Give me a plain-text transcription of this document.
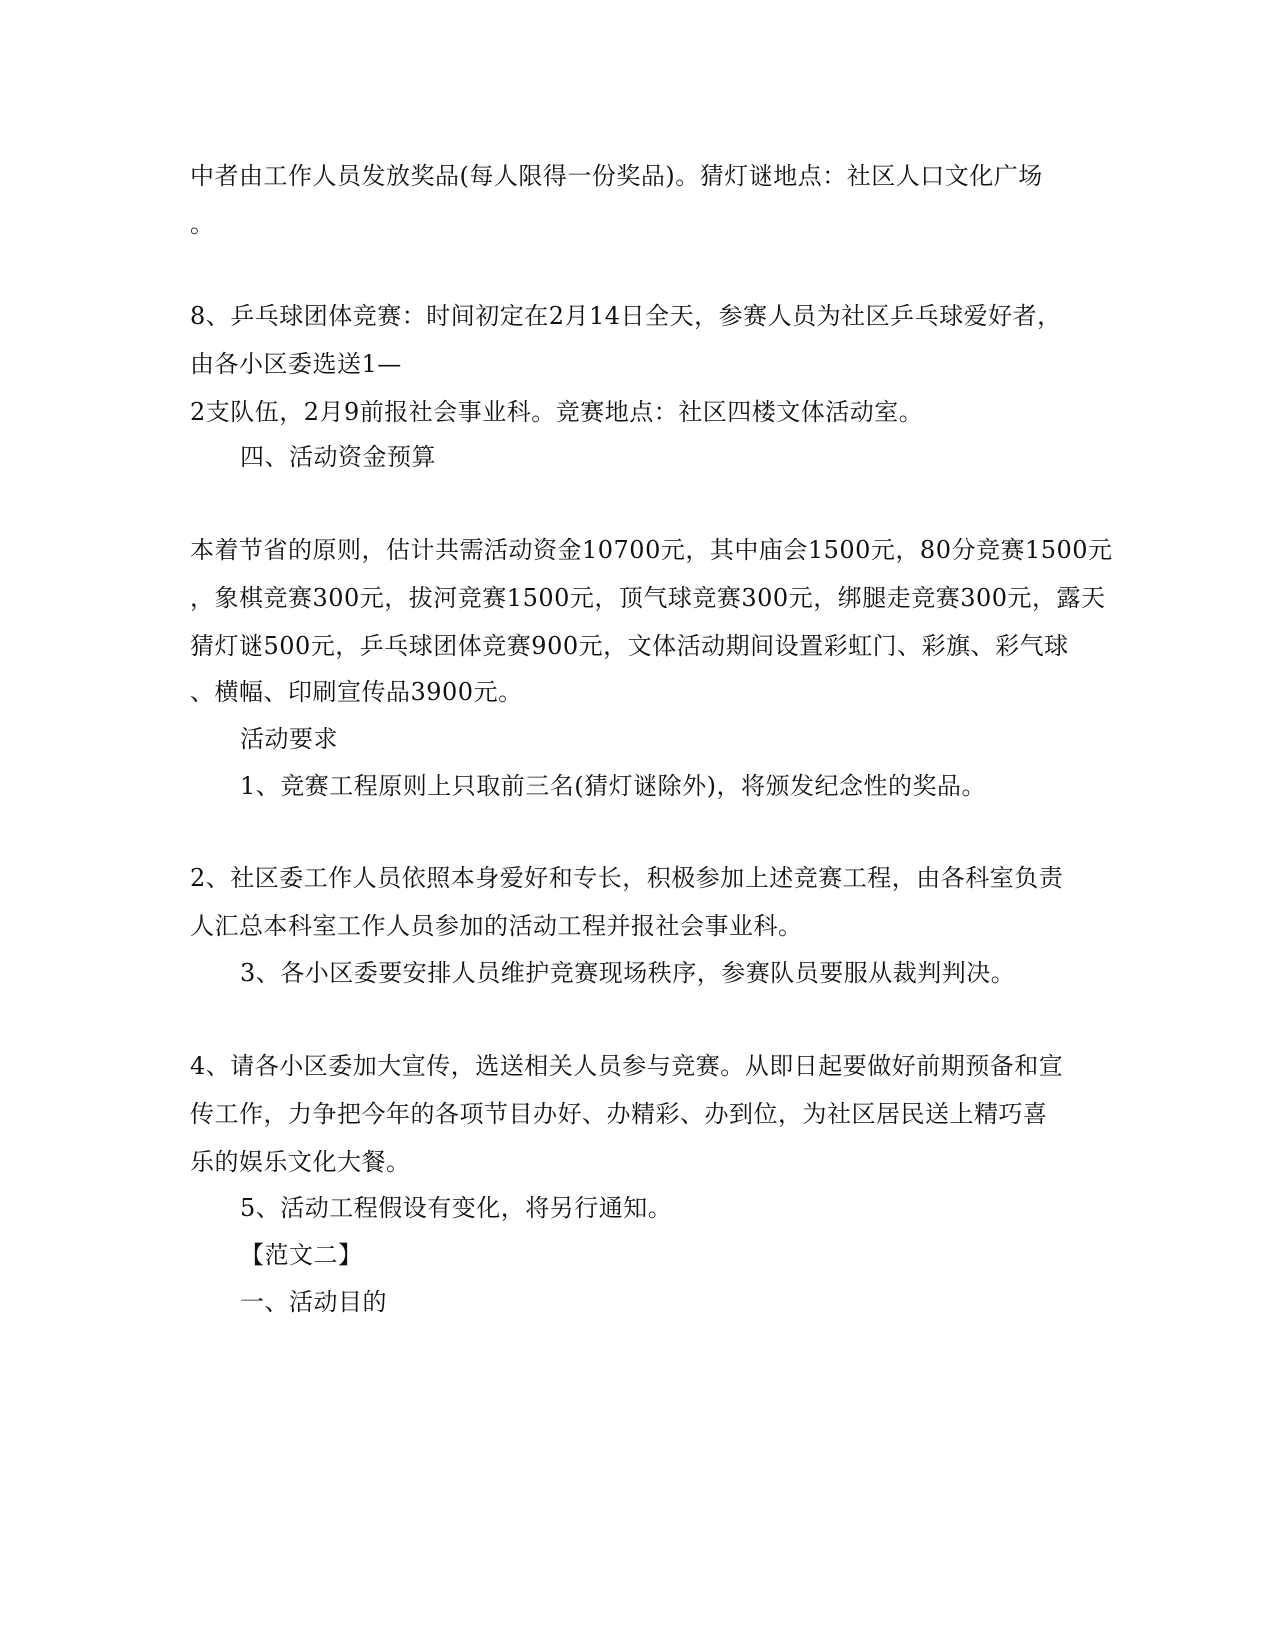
中者由工作人员发放奖品(每人限得一份奖品)。猜灯谜地点：社区人口文化广场
。
8、乒乓球团体竞赛：时间初定在2月14日全天，参赛人员为社区乒乓球爱好者，
由各小区委选送1—
2支队伍，2月9前报社会事业科。竞赛地点：社区四楼文体活动室。
四、活动资金预算
本着节省的原则，估计共需活动资金10700元，其中庙会1500元，80分竞赛1500元
，象棋竞赛300元，拔河竞赛1500元，顶气球竞赛300元，绑腿走竞赛300元，露天
猜灯谜500元，乒乓球团体竞赛900元，文体活动期间设置彩虹门、彩旗、彩气球
、横幅、印刷宣传品3900元。
活动要求
1、竞赛工程原则上只取前三名(猜灯谜除外)，将颁发纪念性的奖品。
2、社区委工作人员依照本身爱好和专长，积极参加上述竞赛工程，由各科室负责
人汇总本科室工作人员参加的活动工程并报社会事业科。
3、各小区委要安排人员维护竞赛现场秩序，参赛队员要服从裁判判决。
4、请各小区委加大宣传，选送相关人员参与竞赛。从即日起要做好前期预备和宣
传工作，力争把今年的各项节目办好、办精彩、办到位，为社区居民送上精巧喜
乐的娱乐文化大餐。
5、活动工程假设有变化，将另行通知。
【范文二】
一、活动目的
